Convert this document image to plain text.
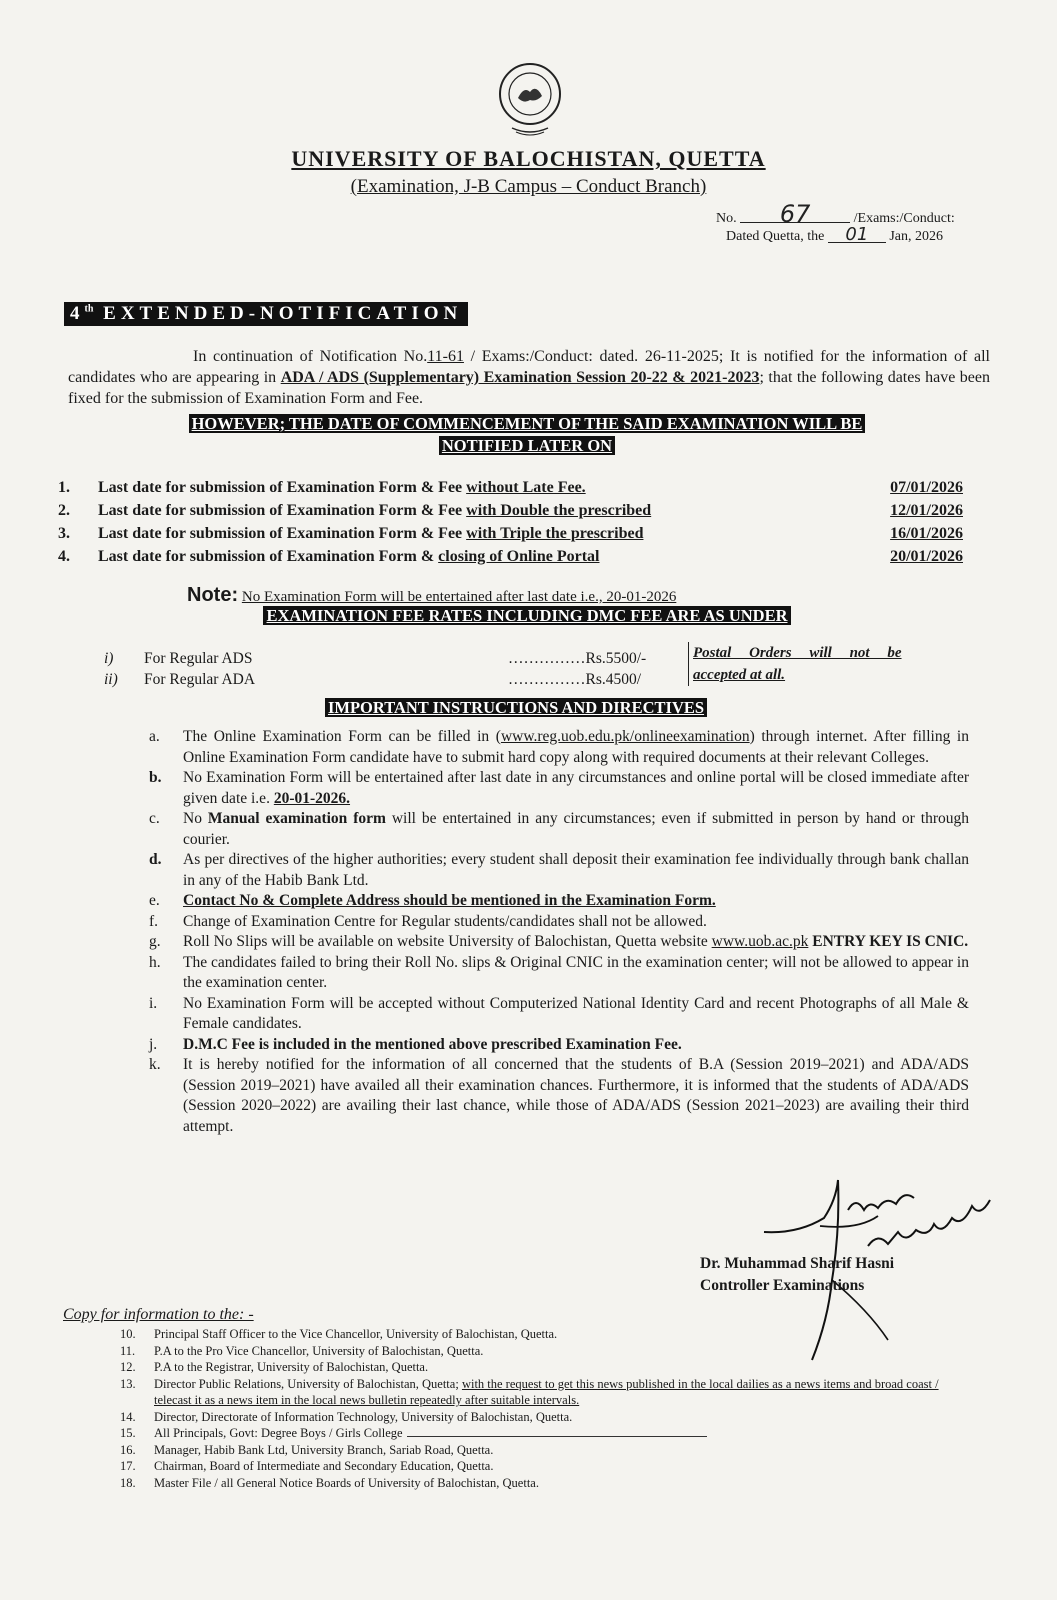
UNIVERSITY OF BALOCHISTAN, QUETTA
(Examination, J-B Campus – Conduct Branch)
No. 67	/Exams:/Conduct:
Dated Quetta, the 01 Jan, 2026
4th EXTENDED-NOTIFICATION

In continuation of Notification No.11-61 / Exams:/Conduct: dated. 26-11-2025; It is notified for the information of all candidates who are appearing in ADA / ADS (Supplementary) Examination Session 20-22 & 2021-2023; that the following dates have been fixed for the submission of Examination Form and Fee.

HOWEVER; THE DATE OF COMMENCEMENT OF THE SAID EXAMINATION WILL BE
NOTIFIED LATER ON
1.	Last date for submission of Examination Form & Fee without Late Fee.	07/01/2026
2.	Last date for submission of Examination Form & Fee with Double the prescribed	12/01/2026
3.	Last date for submission of Examination Form & Fee with Triple the prescribed	16/01/2026
4.	Last date for submission of Examination Form & closing of Online Portal	20/01/2026
Note: No Examination Form will be entertained after last date i.e., 20-01-2026
EXAMINATION FEE RATES INCLUDING DMC FEE ARE AS UNDER
i) For Regular ADS	……………Rs.5500/-
ii) For Regular ADA	……………Rs.4500/

Postal Orders will not be

accepted at all.

IMPORTANT INSTRUCTIONS AND DIRECTIVES
a. The Online Examination Form can be filled in (www.reg.uob.edu.pk/onlineexamination) through internet. After filling in Online Examination Form candidate have to submit hard copy along with required documents at their relevant Colleges.
b. No Examination Form will be entertained after last date in any circumstances and online portal will be closed immediate after given date i.e. 20-01-2026.
c. No Manual examination form will be entertained in any circumstances; even if submitted in person by hand or through courier.
d. As per directives of the higher authorities; every student shall deposit their examination fee individually through bank challan in any of the Habib Bank Ltd.
e. Contact No & Complete Address should be mentioned in the Examination Form.
f. Change of Examination Centre for Regular students/candidates shall not be allowed.
g. Roll No Slips will be available on website University of Balochistan, Quetta website www.uob.ac.pk ENTRY KEY IS CNIC.
h. The candidates failed to bring their Roll No. slips & Original CNIC in the examination center; will not be allowed to appear in the examination center.
i. No Examination Form will be accepted without Computerized National Identity Card and recent Photographs of all Male & Female candidates.
j. D.M.C Fee is included in the mentioned above prescribed Examination Fee.
k. It is hereby notified for the information of all concerned that the students of B.A (Session 2019–2021) and ADA/ADS (Session 2019–2021) have availed all their examination chances. Furthermore, it is informed that the students of ADA/ADS (Session 2020–2022) are availing their last chance, while those of ADA/ADS (Session 2021–2023) are availing their third attempt.
Dr. Muhammad Sharif Hasni
Controller Examinations
Copy for information to the: -
10. Principal Staff Officer to the Vice Chancellor, University of Balochistan, Quetta.
11. P.A to the Pro Vice Chancellor, University of Balochistan, Quetta.
12. P.A to the Registrar, University of Balochistan, Quetta.
13. Director Public Relations, University of Balochistan, Quetta; with the request to get this news published in the local dailies as a news items and broad coast / telecast it as a news item in the local news bulletin repeatedly after suitable intervals.
14. Director, Directorate of Information Technology, University of Balochistan, Quetta.
15. All Principals, Govt: Degree Boys / Girls College
16. Manager, Habib Bank Ltd, University Branch, Sariab Road, Quetta.
17. Chairman, Board of Intermediate and Secondary Education, Quetta.
18. Master File / all General Notice Boards of University of Balochistan, Quetta.
